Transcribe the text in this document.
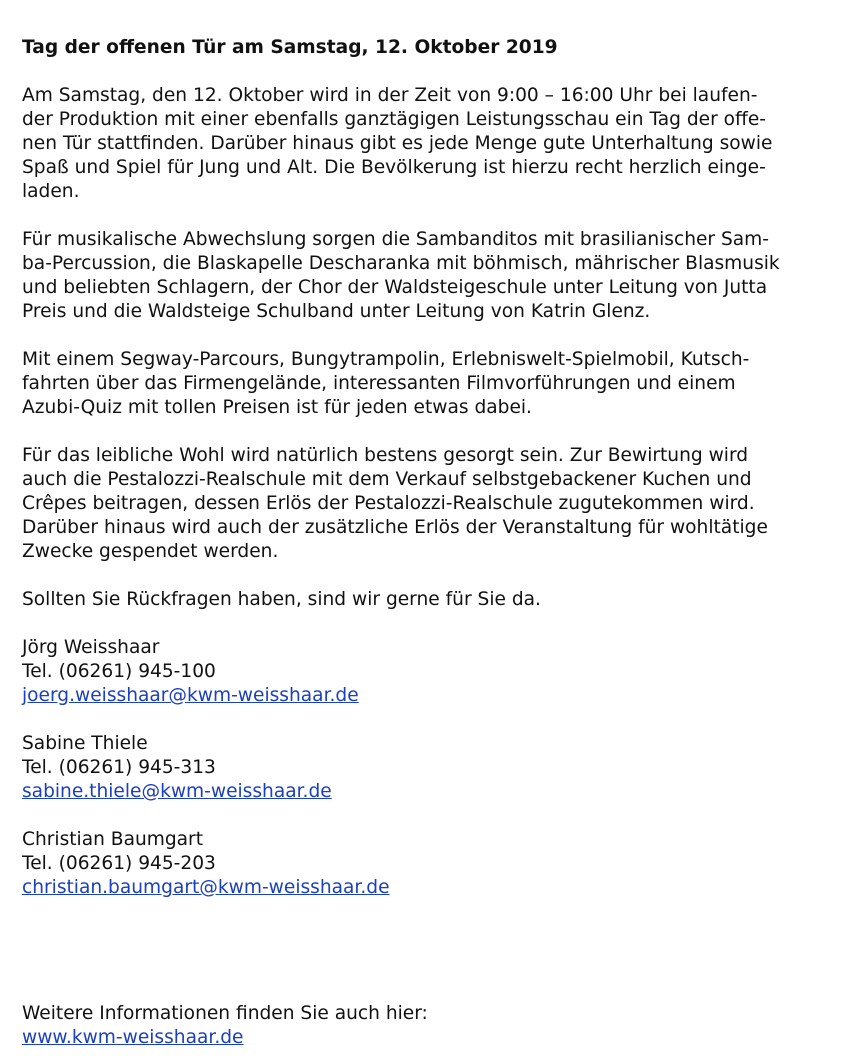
Tag der offenen Tür am Samstag, 12. Oktober 2019
Am Samstag, den 12. Oktober wird in der Zeit von 9:00 – 16:00 Uhr bei laufen-
der Produktion mit einer ebenfalls ganztägigen Leistungsschau ein Tag der offe-
nen Tür stattfinden. Darüber hinaus gibt es jede Menge gute Unterhaltung sowie
Spaß und Spiel für Jung und Alt. Die Bevölkerung ist hierzu recht herzlich einge-
laden.
Für musikalische Abwechslung sorgen die Sambanditos mit brasilianischer Sam-
ba-Percussion, die Blaskapelle Descharanka mit böhmisch, mährischer Blasmusik
und beliebten Schlagern, der Chor der Waldsteigeschule unter Leitung von Jutta
Preis und die Waldsteige Schulband unter Leitung von Katrin Glenz.
Mit einem Segway-Parcours, Bungytrampolin, Erlebniswelt-Spielmobil, Kutsch-
fahrten über das Firmengelände, interessanten Filmvorführungen und einem
Azubi-Quiz mit tollen Preisen ist für jeden etwas dabei.
Für das leibliche Wohl wird natürlich bestens gesorgt sein. Zur Bewirtung wird
auch die Pestalozzi-Realschule mit dem Verkauf selbstgebackener Kuchen und
Crêpes beitragen, dessen Erlös der Pestalozzi-Realschule zugutekommen wird.
Darüber hinaus wird auch der zusätzliche Erlös der Veranstaltung für wohltätige
Zwecke gespendet werden.
Sollten Sie Rückfragen haben, sind wir gerne für Sie da.
Jörg Weisshaar
Tel. (06261) 945-100
joerg.weisshaar@kwm-weisshaar.de
Sabine Thiele
Tel. (06261) 945-313
sabine.thiele@kwm-weisshaar.de
Christian Baumgart
Tel. (06261) 945-203
christian.baumgart@kwm-weisshaar.de
Weitere Informationen finden Sie auch hier:
www.kwm-weisshaar.de
